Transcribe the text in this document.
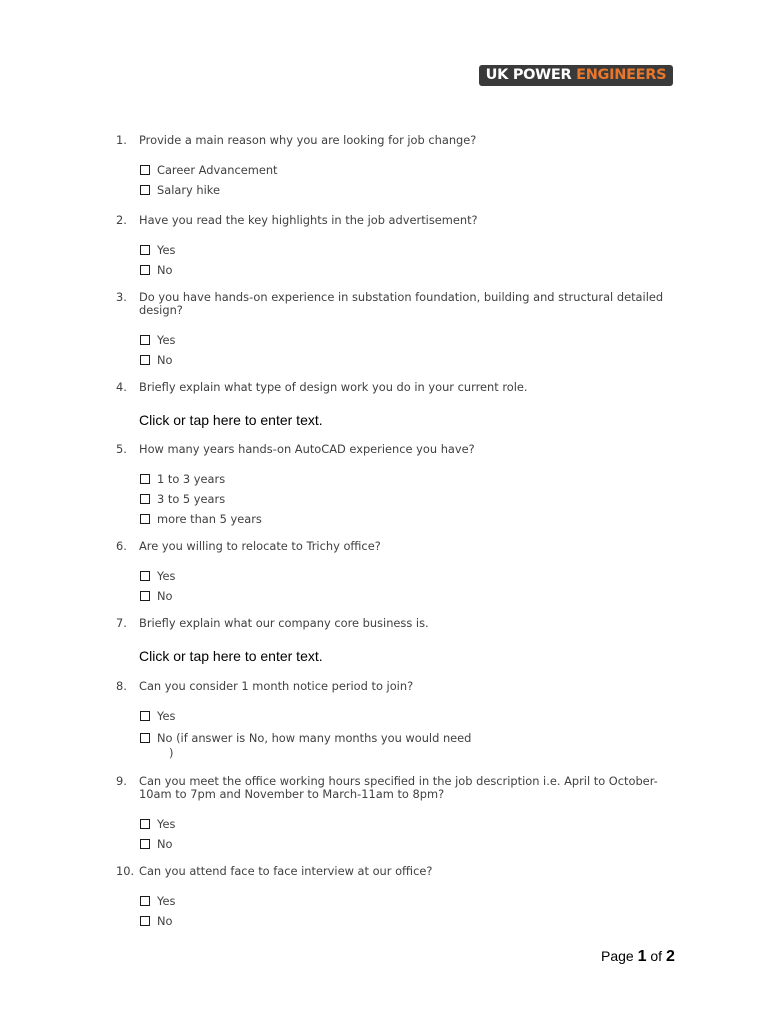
UK POWER ENGINEERS
1. Provide a main reason why you are looking for job change?
Career Advancement
Salary hike
2. Have you read the key highlights in the job advertisement?
Yes
No
3. Do you have hands-on experience in substation foundation, building and structural detailed design?
Yes
No
4. Briefly explain what type of design work you do in your current role.
Click or tap here to enter text.
5. How many years hands-on AutoCAD experience you have?
1 to 3 years
3 to 5 years
more than 5 years
6. Are you willing to relocate to Trichy office?
Yes
No
7. Briefly explain what our company core business is.
Click or tap here to enter text.
8. Can you consider 1 month notice period to join?
Yes
No (if answer is No, how many months you would need
)
9. Can you meet the office working hours specified in the job description i.e. April to October-10am to 7pm and November to March-11am to 8pm?
Yes
No
10. Can you attend face to face interview at our office?
Yes
No
Page 1 of 2
